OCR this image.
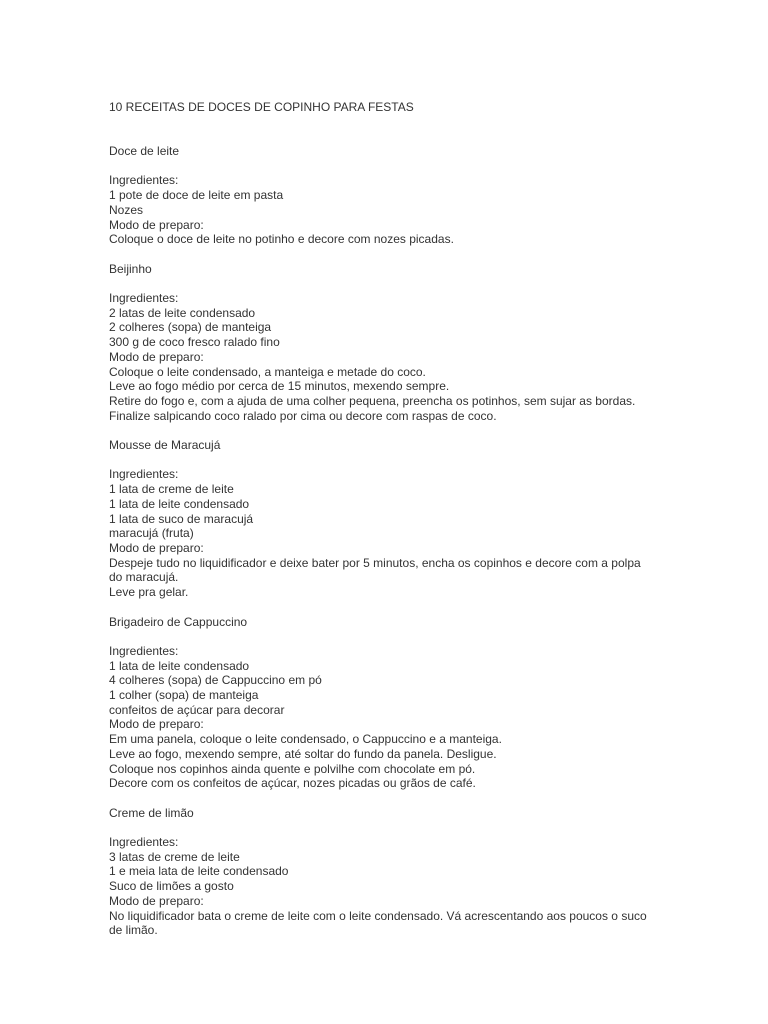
10 RECEITAS DE DOCES DE COPINHO PARA FESTAS
Doce de leite
Ingredientes:
1 pote de doce de leite em pasta
Nozes
Modo de preparo:
Coloque o doce de leite no potinho e decore com nozes picadas.
Beijinho
Ingredientes:
2 latas de leite condensado
2 colheres (sopa) de manteiga
300 g de coco fresco ralado fino
Modo de preparo:
Coloque o leite condensado, a manteiga e metade do coco.
Leve ao fogo médio por cerca de 15 minutos, mexendo sempre.
Retire do fogo e, com a ajuda de uma colher pequena, preencha os potinhos, sem sujar as bordas.
Finalize salpicando coco ralado por cima ou decore com raspas de coco.
Mousse de Maracujá
Ingredientes:
1 lata de creme de leite
1 lata de leite condensado
1 lata de suco de maracujá
maracujá (fruta)
Modo de preparo:
Despeje tudo no liquidificador e deixe bater por 5 minutos, encha os copinhos e decore com a polpa do maracujá.
Leve pra gelar.
Brigadeiro de Cappuccino
Ingredientes:
1 lata de leite condensado
4 colheres (sopa) de Cappuccino em pó
1 colher (sopa) de manteiga
confeitos de açúcar para decorar
Modo de preparo:
Em uma panela, coloque o leite condensado, o Cappuccino e a manteiga.
Leve ao fogo, mexendo sempre, até soltar do fundo da panela. Desligue.
Coloque nos copinhos ainda quente e polvilhe com chocolate em pó.
Decore com os confeitos de açúcar, nozes picadas ou grãos de café.
Creme de limão
Ingredientes:
3 latas de creme de leite
1 e meia lata de leite condensado
Suco de limões a gosto
Modo de preparo:
No liquidificador bata o creme de leite com o leite condensado. Vá acrescentando aos poucos o suco de limão.
